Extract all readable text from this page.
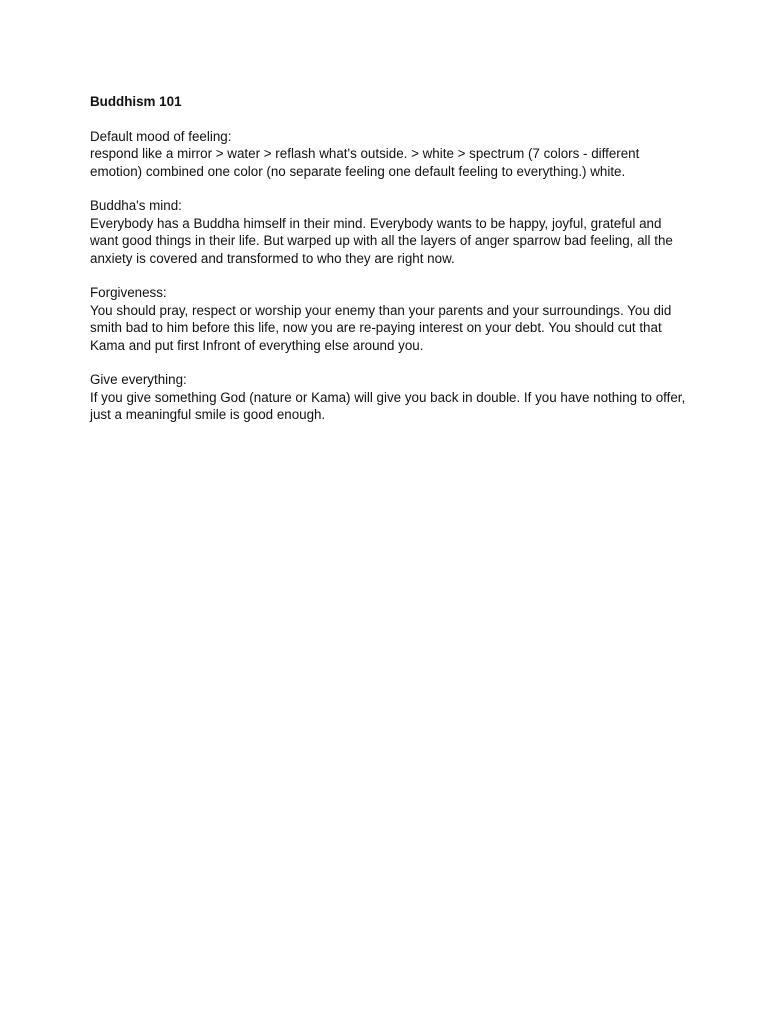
Buddhism 101
Default mood of feeling:
respond like a mirror > water > reflash what's outside. > white > spectrum (7 colors - different emotion) combined one color (no separate feeling one default feeling to everything.) white.
Buddha's mind:
Everybody has a Buddha himself in their mind. Everybody wants to be happy, joyful, grateful and want good things in their life. But warped up with all the layers of anger sparrow bad feeling, all the anxiety is covered and transformed to who they are right now.
Forgiveness:
You should pray, respect or worship your enemy than your parents and your surroundings. You did smith bad to him before this life, now you are re-paying interest on your debt. You should cut that Kama and put first Infront of everything else around you.
Give everything:
If you give something God (nature or Kama) will give you back in double. If you have nothing to offer, just a meaningful smile is good enough.
